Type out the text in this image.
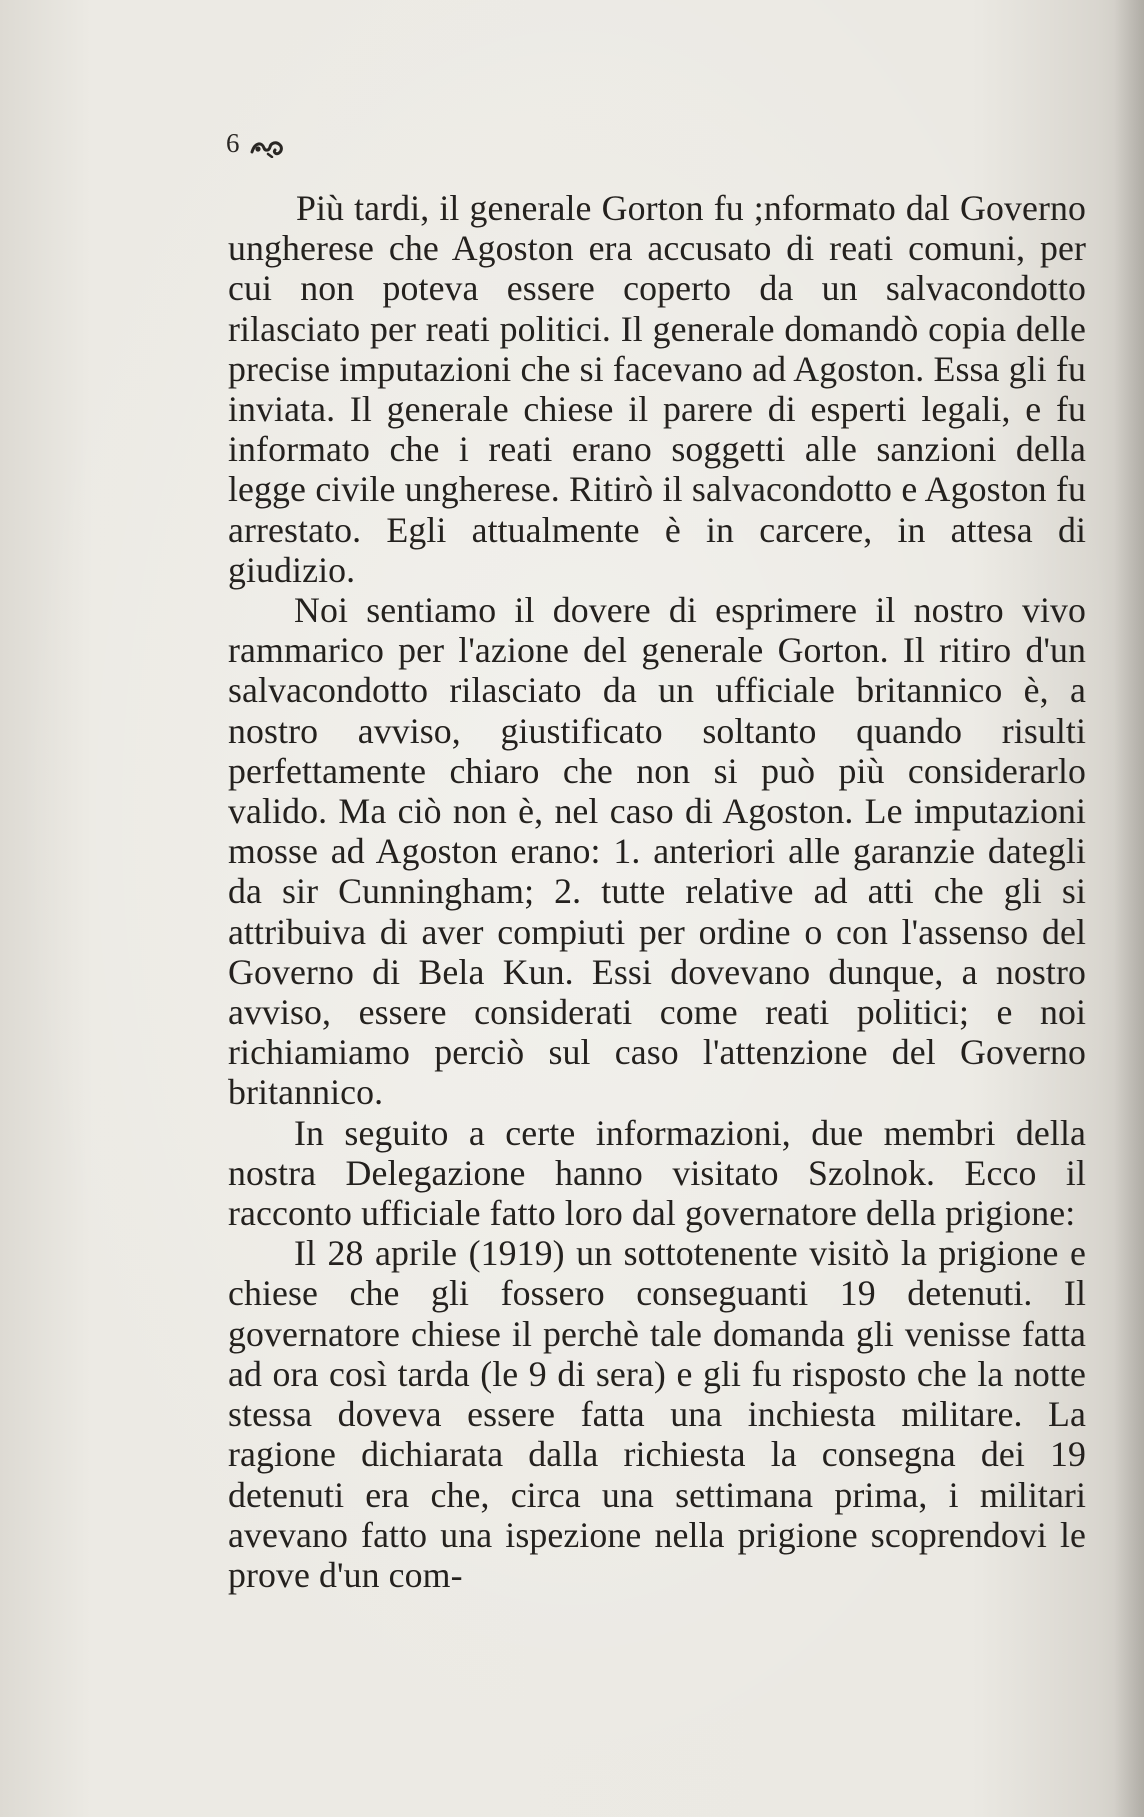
6

Più tardi, il generale Gorton fu ;nformato dal Governo ungherese che Agoston era accusato di reati comuni, per cui non poteva essere coperto da un salvacondotto rilasciato per reati politici. Il generale domandò copia delle precise imputazioni che si facevano ad Agoston. Essa gli fu inviata. Il generale chiese il parere di esperti legali, e fu informato che i reati erano soggetti alle sanzioni della legge civile ungherese. Ritirò il salvacondotto e Agoston fu arrestato. Egli attualmente è in carcere, in attesa di giudizio.

Noi sentiamo il dovere di esprimere il nostro vivo rammarico per l'azione del generale Gorton. Il ritiro d'un salvacondotto rilasciato da un ufficiale britannico è, a nostro avviso, giustificato soltanto quando risulti perfettamente chiaro che non si può più considerarlo valido. Ma ciò non è, nel caso di Agoston. Le imputazioni mosse ad Agoston erano: 1. anteriori alle garanzie dategli da sir Cunningham; 2. tutte relative ad atti che gli si attribuiva di aver compiuti per ordine o con l'assenso del Governo di Bela Kun. Essi dovevano dunque, a nostro avviso, essere considerati come reati politici; e noi richiamiamo perciò sul caso l'attenzione del Governo britannico.

In seguito a certe informazioni, due membri della nostra Delegazione hanno visitato Szolnok. Ecco il racconto ufficiale fatto loro dal governatore della prigione:

Il 28 aprile (1919) un sottotenente visitò la prigione e chiese che gli fossero conseguanti 19 detenuti. Il governatore chiese il perchè tale domanda gli venisse fatta ad ora così tarda (le 9 di sera) e gli fu risposto che la notte stessa doveva essere fatta una inchiesta militare. La ragione dichiarata dalla richiesta la consegna dei 19 detenuti era che, circa una settimana prima, i militari avevano fatto una ispezione nella prigione scoprendovi le prove d'un com-
